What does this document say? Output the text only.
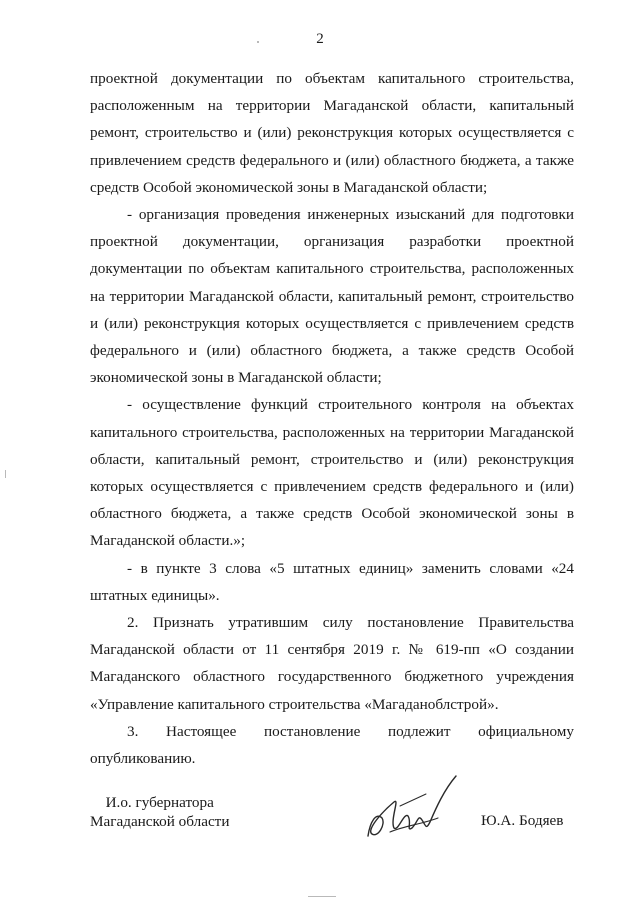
2

проектной документации по объектам капитального строительства, расположенным на территории Магаданской области, капитальный ремонт, строительство и (или) реконструкция которых осуществляется с привлечением средств федерального и (или) областного бюджета, а также средств Особой экономической зоны в Магаданской области;

- организация проведения инженерных изысканий для подготовки проектной документации, организация разработки проектной документации по объектам капитального строительства, расположенных на территории Магаданской области, капитальный ремонт, строительство и (или) реконструкция которых осуществляется с привлечением средств федерального и (или) областного бюджета, а также средств Особой экономической зоны в Магаданской области;

- осуществление функций строительного контроля на объектах капитального строительства, расположенных на территории Магаданской области, капитальный ремонт, строительство и (или) реконструкция которых осуществляется с привлечением средств федерального и (или) областного бюджета, а также средств Особой экономической зоны в Магаданской области.»;

- в пункте 3 слова «5 штатных единиц» заменить словами «24 штатных единицы».

2. Признать утратившим силу постановление Правительства Магаданской области от 11 сентября 2019 г. № 619-пп «О создании Магаданского областного государственного бюджетного учреждения «Управление капитального строительства «Магаданоблстрой».

3. Настоящее постановление подлежит официальному опубликованию.

И.о. губернатора
Магаданской области	Ю.А. Бодяев
